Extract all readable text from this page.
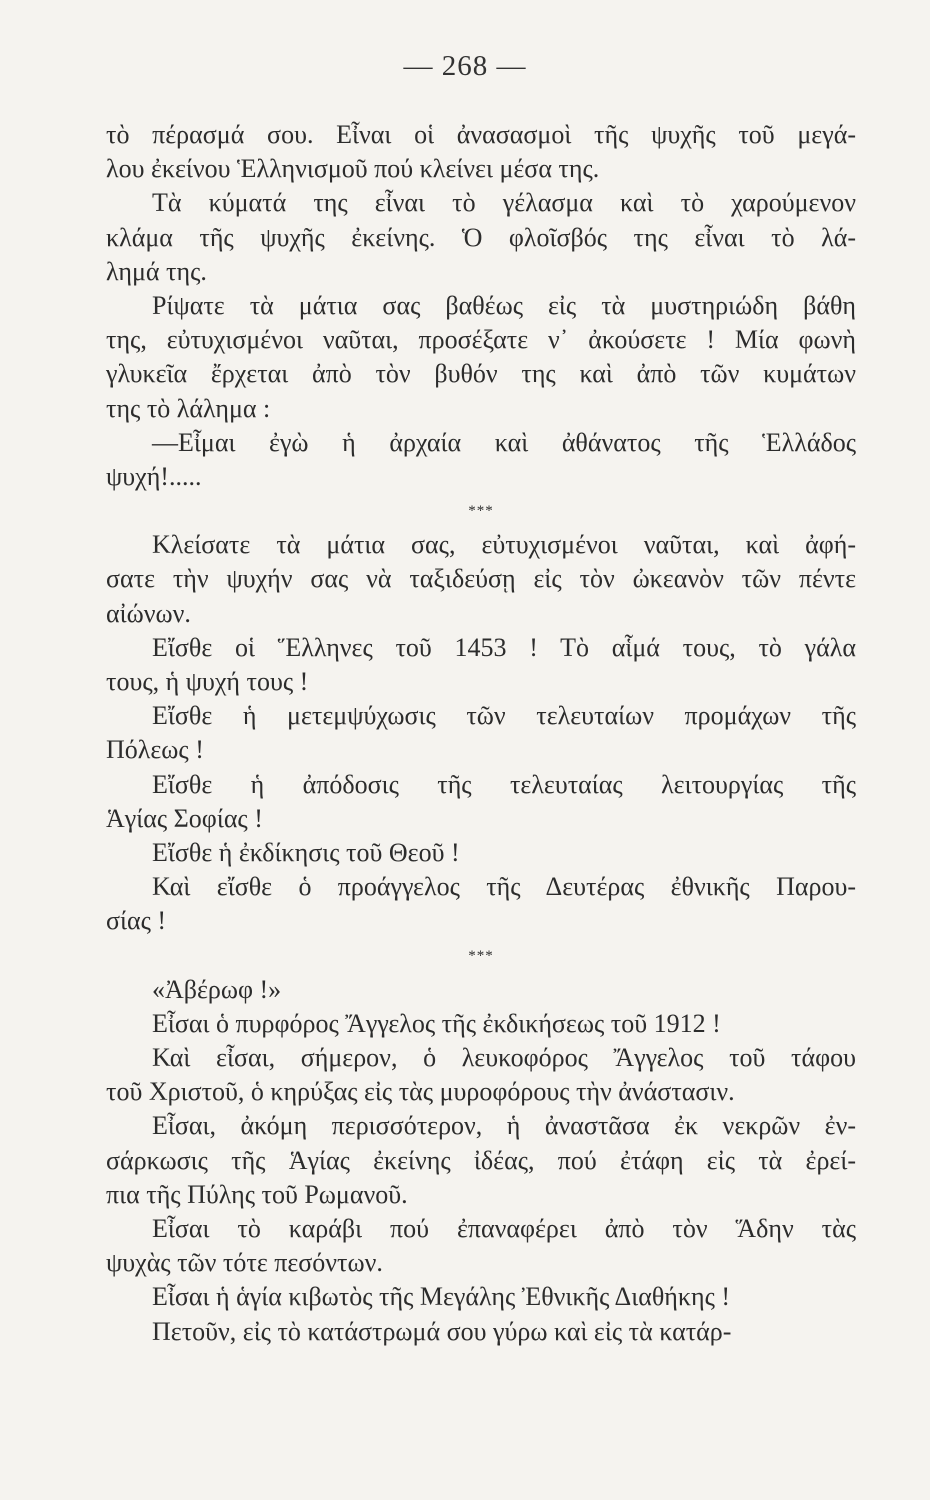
— 268 —
τὸ πέρασμά σου. Εἶναι οἱ ἀνασασμοὶ τῆς ψυχῆς τοῦ μεγά-
λου ἐκείνου Ἑλληνισμοῦ πού κλείνει μέσα της.
Τὰ κύματά της εἶναι τὸ γέλασμα καὶ τὸ χαρούμενον
κλάμα τῆς ψυχῆς ἐκείνης. Ὁ φλοῖσβός της εἶναι τὸ λά-
λημά της.
Ρίψατε τὰ μάτια σας βαθέως εἰς τὰ μυστηριώδη βάθη
της, εὐτυχισμένοι ναῦται, προσέξατε ν᾽ ἀκούσετε ! Μία φωνὴ
γλυκεῖα ἔρχεται ἀπὸ τὸν βυθόν της καὶ ἀπὸ τῶν κυμάτων
της τὸ λάλημα :
—Εἶμαι ἐγὼ ἡ ἀρχαία καὶ ἀθάνατος τῆς Ἑλλάδος
ψυχή!.....
***
Κλείσατε τὰ μάτια σας, εὐτυχισμένοι ναῦται, καὶ ἀφή-
σατε τὴν ψυχήν σας νὰ ταξιδεύσῃ εἰς τὸν ὠκεανὸν τῶν πέντε
αἰώνων.
Εἴσθε οἱ Ἕλληνες τοῦ 1453 ! Τὸ αἷμά τους, τὸ γάλα
τους, ἡ ψυχή τους !
Εἴσθε ἡ μετεμψύχωσις τῶν τελευταίων προμάχων τῆς
Πόλεως !
Εἴσθε ἡ ἀπόδοσις τῆς τελευταίας λειτουργίας τῆς
Ἁγίας Σοφίας !
Εἴσθε ἡ ἐκδίκησις τοῦ Θεοῦ !
Καὶ εἴσθε ὁ προάγγελος τῆς Δευτέρας ἐθνικῆς Παρου-
σίας !
***
«Ἀβέρωφ !»
Εἶσαι ὁ πυρφόρος Ἄγγελος τῆς ἐκδικήσεως τοῦ 1912 !
Καὶ εἶσαι, σήμερον, ὁ λευκοφόρος Ἄγγελος τοῦ τάφου
τοῦ Χριστοῦ, ὁ κηρύξας εἰς τὰς μυροφόρους τὴν ἀνάστασιν.
Εἶσαι, ἀκόμη περισσότερον, ἡ ἀναστᾶσα ἐκ νεκρῶν ἐν-
σάρκωσις τῆς Ἁγίας ἐκείνης ἰδέας, πού ἐτάφη εἰς τὰ ἐρεί-
πια τῆς Πύλης τοῦ Ρωμανοῦ.
Εἶσαι τὸ καράβι πού ἐπαναφέρει ἀπὸ τὸν Ἅδην τὰς
ψυχὰς τῶν τότε πεσόντων.
Εἶσαι ἡ ἁγία κιβωτὸς τῆς Μεγάλης Ἐθνικῆς Διαθήκης !
Πετοῦν, εἰς τὸ κατάστρωμά σου γύρω καὶ εἰς τὰ κατάρ-
